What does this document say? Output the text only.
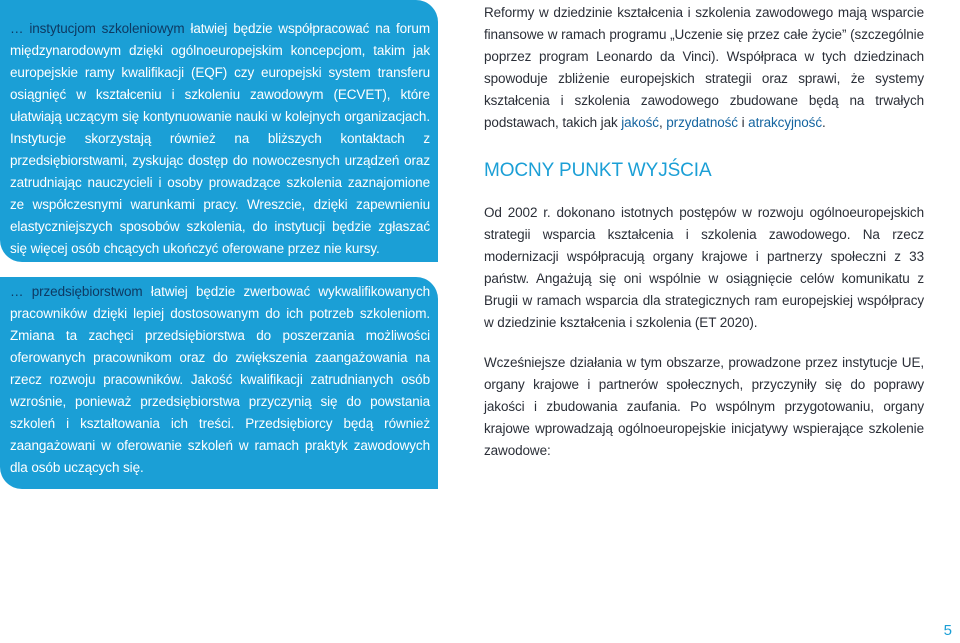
… instytucjom szkoleniowym łatwiej będzie współpracować na forum międzynarodowym dzięki ogólnoeuropejskim koncepcjom, takim jak europejskie ramy kwalifikacji (EQF) czy europejski system transferu osiągnięć w kształceniu i szkoleniu zawodowym (ECVET), które ułatwiają uczącym się kontynuowanie nauki w kolejnych organizacjach. Instytucje skorzystają również na bliższych kontaktach z przedsiębiorstwami, zyskując dostęp do nowoczesnych urządzeń oraz zatrudniając nauczycieli i osoby prowadzące szkolenia zaznajomione ze współczesnymi warunkami pracy. Wreszcie, dzięki zapewnieniu elastyczniejszych sposobów szkolenia, do instytucji będzie zgłaszać się więcej osób chcących ukończyć oferowane przez nie kursy.

… przedsiębiorstwom łatwiej będzie zwerbować wykwalifikowanych pracowników dzięki lepiej dostosowanym do ich potrzeb szkoleniom. Zmiana ta zachęci przedsiębiorstwa do poszerzania możliwości oferowanych pracownikom oraz do zwiększenia zaangażowania na rzecz rozwoju pracowników. Jakość kwalifikacji zatrudnianych osób wzrośnie, ponieważ przedsiębiorstwa przyczynią się do powstania szkoleń i kształtowania ich treści. Przedsiębiorcy będą również zaangażowani w oferowanie szkoleń w ramach praktyk zawodowych dla osób uczących się.

Reformy w dziedzinie kształcenia i szkolenia zawodowego mają wsparcie finansowe w ramach programu „Uczenie się przez całe życie” (szczególnie poprzez program Leonardo da Vinci). Współpraca w tych dziedzinach spowoduje zbliżenie europejskich strategii oraz sprawi, że systemy kształcenia i szkolenia zawodowego zbudowane będą na trwałych podstawach, takich jak jakość, przydatność i atrakcyjność.

MOCNY PUNKT WYJŚCIA

Od 2002 r. dokonano istotnych postępów w rozwoju ogólnoeuropejskich strategii wsparcia kształcenia i szkolenia zawodowego. Na rzecz modernizacji współpracują organy krajowe i partnerzy społeczni z 33 państw. Angażują się oni wspólnie w osiągnięcie celów komunikatu z Brugii w ramach wsparcia dla strategicznych ram europejskiej współpracy w dziedzinie kształcenia i szkolenia (ET 2020).

Wcześniejsze działania w tym obszarze, prowadzone przez instytucje UE, organy krajowe i partnerów społecznych, przyczyniły się do poprawy jakości i zbudowania zaufania. Po wspólnym przygotowaniu, organy krajowe wprowadzają ogólnoeuropejskie inicjatywy wspierające szkolenie zawodowe:

5
